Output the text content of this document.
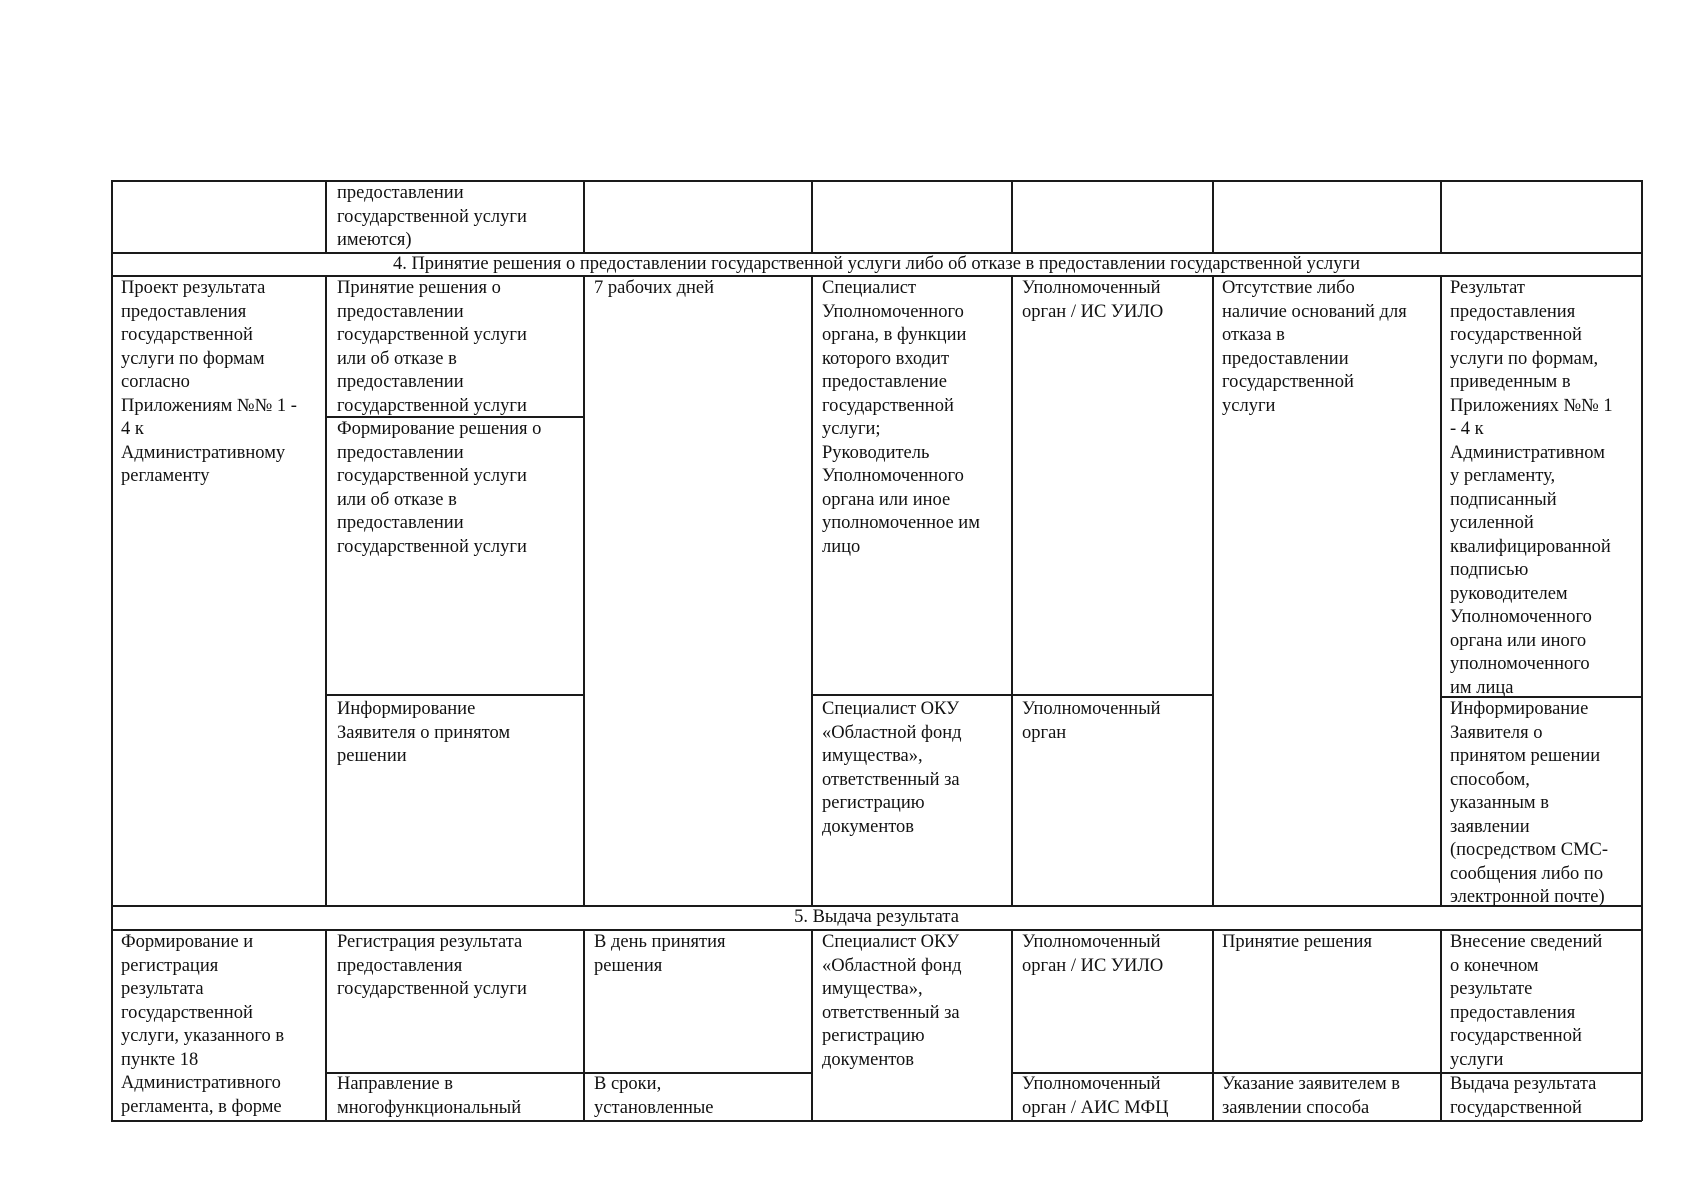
предоставлении
государственной услуги
имеются)
4. Принятие решения о предоставлении государственной услуги либо об отказе в предоставлении государственной услуги
Проект результата
предоставления
государственной
услуги по формам
согласно
Приложениям №№ 1 -
4 к
Административному
регламенту
Принятие решения о
предоставлении
государственной услуги
или об отказе в
предоставлении
государственной услуги
Формирование решения о
предоставлении
государственной услуги
или об отказе в
предоставлении
государственной услуги
Информирование
Заявителя о принятом
решении
7 рабочих дней	Специалист
Уполномоченного
органа, в функции
которого входит
предоставление
государственной
услуги;
Руководитель
Уполномоченного
органа или иное
уполномоченное им
лицо
Специалист ОКУ
«Областной фонд
имущества»,
ответственный за
регистрацию
документов
Уполномоченный
орган / ИС УИЛО
Уполномоченный
орган
Отсутствие либо
наличие оснований для
отказа в
предоставлении
государственной
услуги
Результат
предоставления
государственной
услуги по формам,
приведенным в
Приложениях №№ 1
- 4 к
Административном
у регламенту,
подписанный
усиленной
квалифицированной
подписью
руководителем
Уполномоченного
органа или иного
уполномоченного
им лица
Информирование
Заявителя о
принятом решении
способом,
указанным в
заявлении
(посредством СМС-
сообщения либо по
электронной почте)
5. Выдача результата
Формирование и
регистрация
результата
государственной
услуги, указанного в
пункте 18
Административного
регламента, в форме
Регистрация результата
предоставления
государственной услуги
Направление в
многофункциональный
В день принятия
решения
В сроки,
установленные
Специалист ОКУ
«Областной фонд
имущества»,
ответственный за
регистрацию
документов
Уполномоченный
орган / ИС УИЛО
Уполномоченный
орган / АИС МФЦ
Принятие решения
Указание заявителем в
заявлении способа
Внесение сведений
о конечном
результате
предоставления
государственной
услуги
Выдача результата
государственной
